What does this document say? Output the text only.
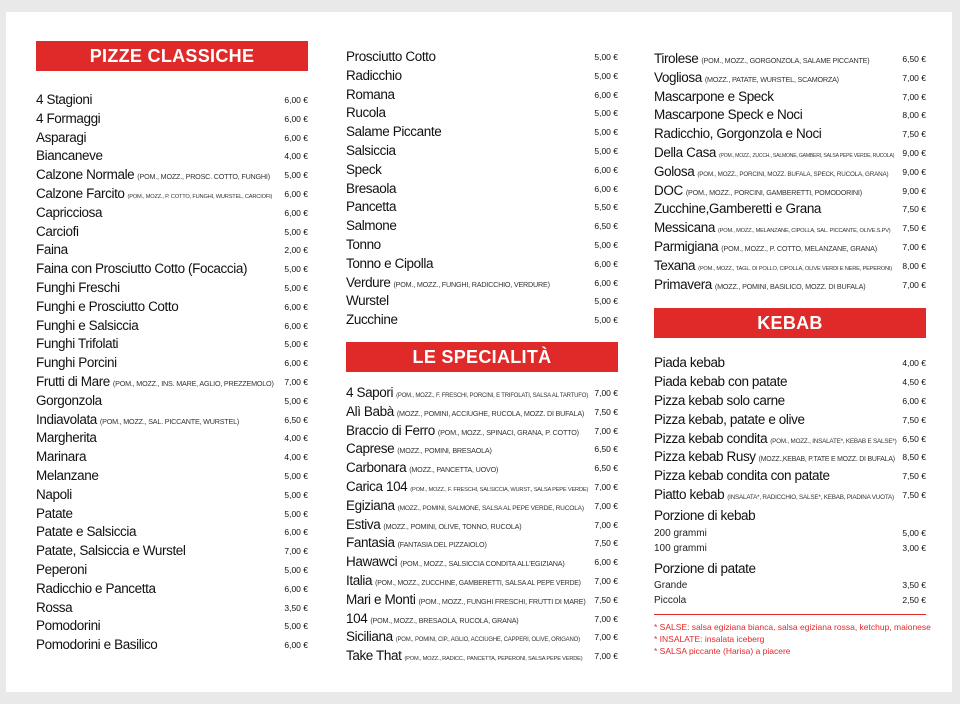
PIZZE CLASSICHE
4 Stagioni	6,00 €
4 Formaggi	6,00 €
Asparagi	6,00 €
Biancaneve	4,00 €
Calzone Normale (POM., MOZZ., PROSC. COTTO, FUNGHI) 5,00 €
Calzone Farcito (POM., MOZZ., P. COTTO, FUNGHI, WURSTEL, CARCIOFI) 6,00 €
Capricciosa	6,00 €
Carciofi	5,00 €
Faina	2,00 €
Faina con Prosciutto Cotto (Focaccia)	5,00 €
Funghi Freschi	5,00 €
Funghi e Prosciutto Cotto	6,00 €
Funghi e Salsiccia	6,00 €
Funghi Trifolati	5,00 €
Funghi Porcini	6,00 €
Frutti di Mare (POM., MOZZ., INS. MARE, AGLIO, PREZZEMOLO) 7,00 €
Gorgonzola	5,00 €
Indiavolata (POM., MOZZ., SAL. PICCANTE, WURSTEL)	6,50 €
Margherita	4,00 €
Marinara	4,00 €
Melanzane	5,00 €
Napoli	5,00 €
Patate	5,00 €
Patate e Salsiccia	6,00 €
Patate, Salsiccia e Wurstel	7,00 €
Peperoni	5,00 €
Radicchio e Pancetta	6,00 €
Rossa	3,50 €
Pomodorini	5,00 €
Pomodorini e Basilico	6,00 €
Prosciutto Cotto	5,00 €
Radicchio	5,00 €
Romana	6,00 €
Rucola	5,00 €
Salame Piccante	5,00 €
Salsiccia	5,00 €
Speck	6,00 €
Bresaola	6,00 €
Pancetta	5,50 €
Salmone	6,50 €
Tonno	5,00 €
Tonno e Cipolla	6,00 €
Verdure (POM., MOZZ., FUNGHI, RADICCHIO, VERDURE)	6,00 €
Wurstel	5,00 €
Zucchine	5,00 €
LE SPECIALITÀ
4 Sapori (POM., MOZZ., F. FRESCHI, PORCINI, E TRIFOLATI, SALSA AL TARTUFO) 7,00 €
Alì Babà (MOZZ., POMINI, ACCIUGHE, RUCOLA, MOZZ. DI BUFALA) 7,50 €
Braccio di Ferro (POM., MOZZ., SPINACI, GRANA, P. COTTO) 7,00 €
Caprese (MOZZ., POMINI, BRESAOLA)	6,50 €
Carbonara (MOZZ., PANCETTA, UOVO)	6,50 €
Carica 104 (POM., MOZZ., F. FRESCHI, SALSICCIA, WURST., SALSA PEPE VERDE) 7,00 €
Egiziana (MOZZ., POMINI, SALMONE, SALSA AL PEPE VERDE, RUCOLA) 7,00 €
Estiva (MOZZ., POMINI, OLIVE, TONNO, RUCOLA)	7,00 €
Fantasia (FANTASIA DEL PIZZAIOLO)	7,50 €
Hawawci (POM., MOZZ., SALSICCIA CONDITA ALL'EGIZIANA)	6,00 €
Italia (POM., MOZZ., ZUCCHINE, GAMBERETTI, SALSA AL PEPE VERDE) 7,00 €
Mari e Monti (POM., MOZZ., FUNGHI FRESCHI, FRUTTI DI MARE) 7,50 €
104 (POM., MOZZ., BRESAOLA, RUCOLA, GRANA)	7,00 €
Siciliana (POM., POMINI, CIP., AGLIO, ACCIUGHE, CAPPERI, OLIVE, ORIGANO) 7,00 €
Take That (POM., MOZZ., RADICC., PANCETTA, PEPERONI, SALSA PEPE VERDE) 7,00 €
Tirolese (POM., MOZZ., GORGONZOLA, SALAME PICCANTE)	6,50 €
Vogliosa (MOZZ., PATATE, WURSTEL, SCAMORZA)	7,00 €
Mascarpone e Speck	7,00 €
Mascarpone Speck e Noci	8,00 €
Radicchio, Gorgonzola e Noci	7,50 €
Della Casa (POM., MOZZ., ZUCCH., SALMONE, GAMBERI, SALSA PEPE VERDE, RUCOLA) 9,00 €
Golosa (POM., MOZZ., PORCINI, MOZZ. BUFALA, SPECK, RUCOLA, GRANA) 9,00 €
DOC (POM., MOZZ., PORCINI, GAMBERETTI, POMODORINI)	9,00 €
Zucchine,Gamberetti e Grana	7,50 €
Messicana (POM., MOZZ., MELANZANE, CIPOLLA, SAL. PICCANTE, OLIVE.S.PV) 7,50 €
Parmigiana (POM., MOZZ., P. COTTO, MELANZANE, GRANA)	7,00 €
Texana (POM., MOZZ., TAGL. DI POLLO, CIPOLLA, OLIVE VERDI E NERE, PEPERONI) 8,00 €
Primavera (MOZZ., POMINI, BASILICO, MOZZ. DI BUFALA)	7,00 €
KEBAB
Piada kebab	4,00 €
Piada kebab con patate	4,50 €
Pizza kebab solo carne	6,00 €
Pizza kebab, patate e olive	7,50 €
Pizza kebab condita (POM., MOZZ., INSALATE*, KEBAB E SALSE*) 6,50 €
Pizza kebab Rusy (MOZZ.,KEBAB, P.TATE E MOZZ. DI BUFALA) 8,50 €
Pizza kebab condita con patate	7,50 €
Piatto kebab (INSALATA*, RADICCHIO, SALSE*, KEBAB, PIADINA VUOTA) 7,50 €
Porzione di kebab
200 grammi	5,00 €
100 grammi	3,00 €
Porzione di patate
Grande	3,50 €
Piccola	2,50 €
* SALSE: salsa egiziana bianca, salsa egiziana rossa, ketchup, maionese
* INSALATE: insalata iceberg
* SALSA piccante (Harisa) a piacere
